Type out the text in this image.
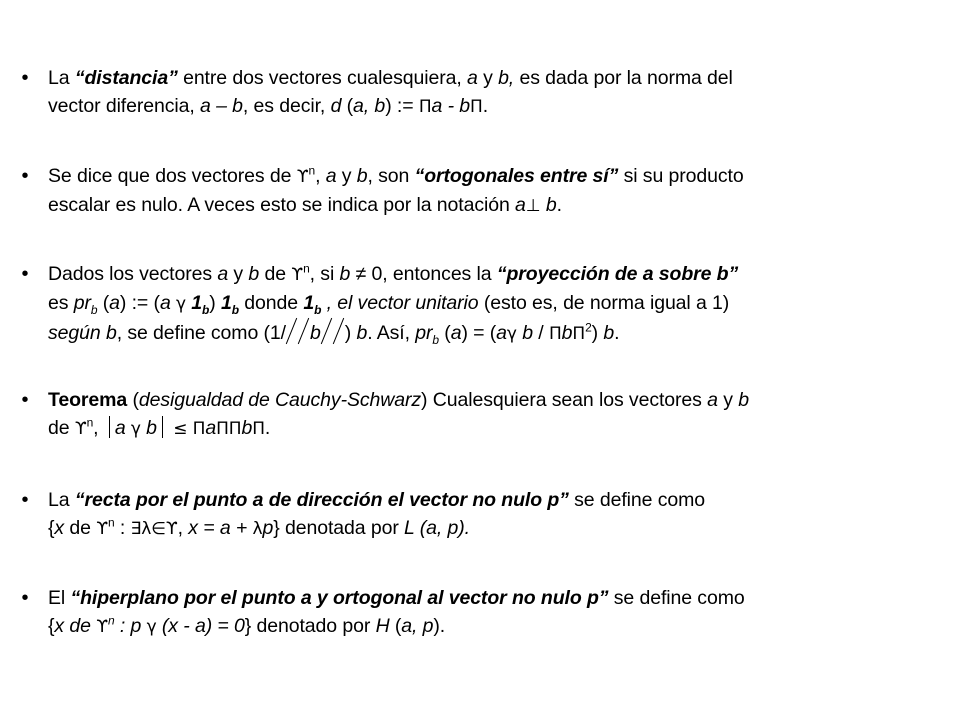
•	La “distancia” entre dos vectores cualesquiera, a y b, es dada por la norma del
vector diferencia, a – b, es decir, d (a, b) := Πa - bΠ.
•	Se dice que dos vectores de $ϒ^n$, a y b, son “ortogonales entre sí” si su producto
escalar es nulo. A veces esto se indica por la notación a⊥ b.
•	Dados los vectores a y b de $ϒ^n$, si b ≠ 0, entonces la “proyección de a sobre b”
es $pr_b$ (a) := (a γ $1_b$) $1_b$ donde $1_b$ , el vector unitario (esto es, de norma igual a 1)
según b, se define como (1/ b ) b. Así, $pr_b$ (a) = (aγ b / ΠbΠ$^2$) b.
•	Teorema (desigualdad de Cauchy-Schwarz) Cualesquiera sean los vectores a y b
de $ϒ^n$, a γ b ≤ ΠaΠΠbΠ.
•	La “recta por el punto a de dirección el vector no nulo p” se define como
{x de $ϒ^n$ : ∃λ∈ϒ, x = a + λp} denotada por L (a, p).
•	El “hiperplano por el punto a y ortogonal al vector no nulo p” se define como
{x de $ϒ^n$ : p γ (x - a) = 0} denotado por H (a, p).
